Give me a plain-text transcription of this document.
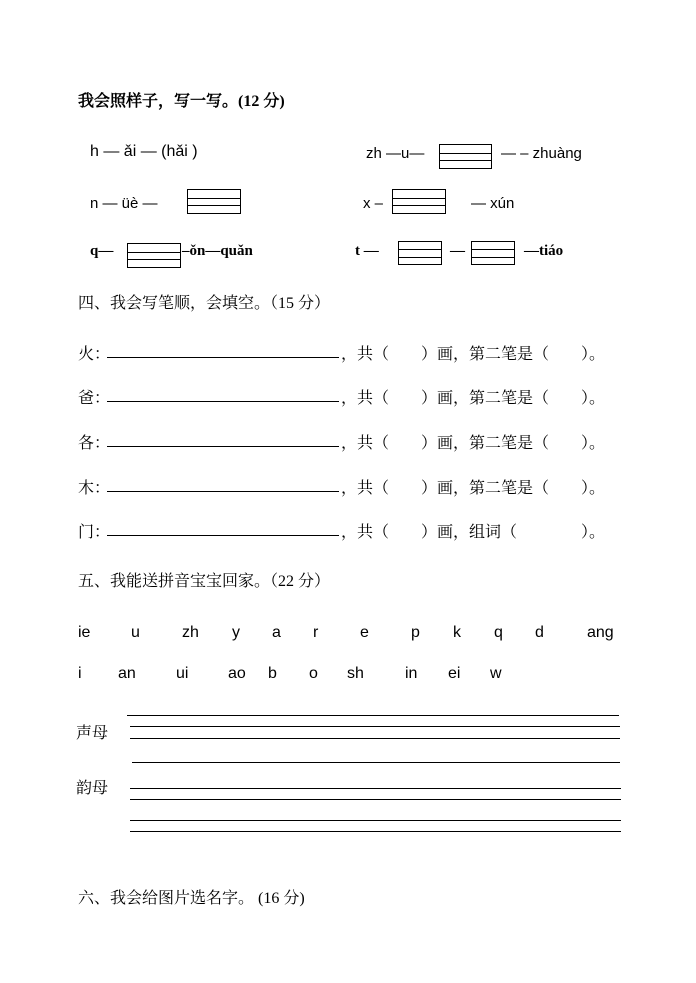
我会照样子，写一写。(12 分)
h — ǎi — (hǎi )	zh —u—	— – zhuàng
n — üè —	x –	— xún
q—	–ǒn—quǎn	t —	—	—tiáo
四、我会写笔顺，会填空。（15 分）
火：	，共（　　）画，第二笔是（　　）。
爸：	，共（　　）画，第二笔是（　　）。
各：	，共（　　）画，第二笔是（　　）。
木：	，共（　　）画，第二笔是（　　）。
门：	，共（　　）画，组词（　　　　）。
五、我能送拼音宝宝回家。（22 分）
ie	u	zh y a r	e	p k q d	ang
i an	ui ao b o sh	in ei w
声母
韵母
六、我会给图片选名字。 (16 分)
